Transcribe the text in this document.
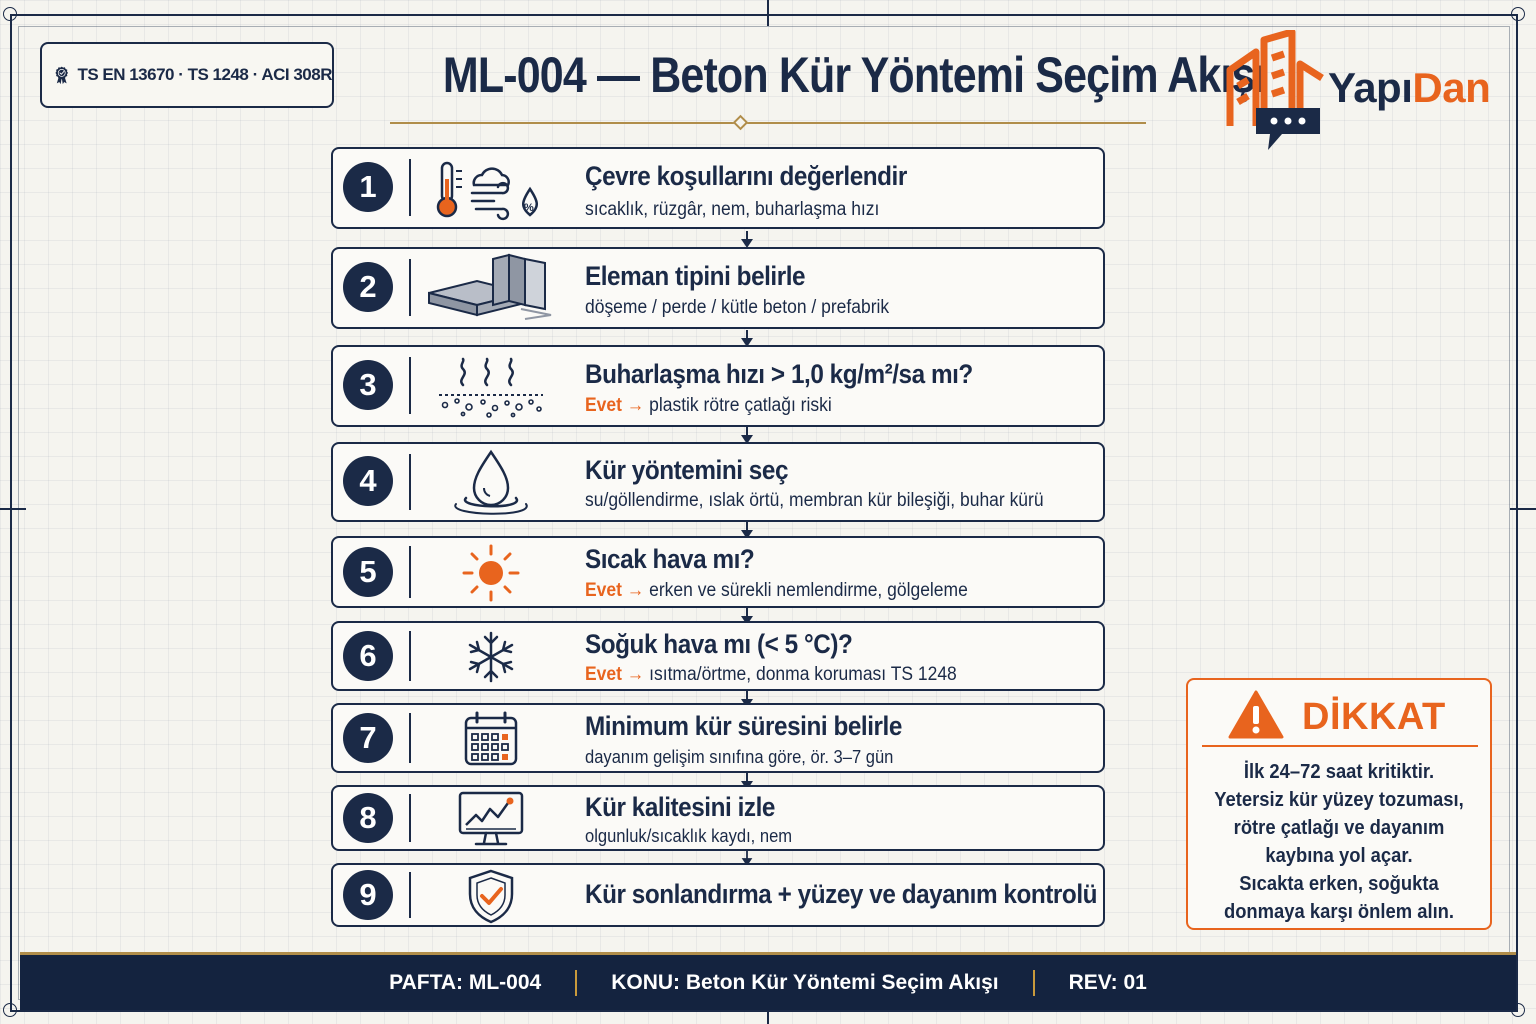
TS EN 13670 · TS 1248 · ACI 308R ML-004 — Beton Kür Yöntemi Seçim Akışı YapıDan
1
%
Çevre koşullarını değerlendir
sıcaklık, rüzgâr, nem, buharlaşma hızı
2	Eleman tipini belirle
döşeme / perde / kütle beton / prefabrik
3	Buharlaşma hızı > 1,0 kg/m²/sa mı?
Evet → plastik rötre çatlağı riski
4	Kür yöntemini seç
su/göllendirme, ıslak örtü, membran kür bileşiği, buhar kürü
5	Sıcak hava mı?
Evet → erken ve sürekli nemlendirme, gölgeleme
6	Soğuk hava mı (< 5 °C)?
Evet → ısıtma/örtme, donma koruması TS 1248
7	Minimum kür süresini belirle
dayanım gelişim sınıfına göre, ör. 3–7 gün
8	Kür kalitesini izle
olgunluk/sıcaklık kaydı, nem
9	Kür sonlandırma + yüzey ve dayanım kontrolü
DİKKAT
İlk 24–72 saat kritiktir.
Yetersiz kür yüzey tozuması,
rötre çatlağı ve dayanım
kaybına yol açar.
Sıcakta erken, soğukta
donmaya karşı önlem alın.
PAFTA: ML-004	KONU: Beton Kür Yöntemi Seçim Akışı	REV: 01
